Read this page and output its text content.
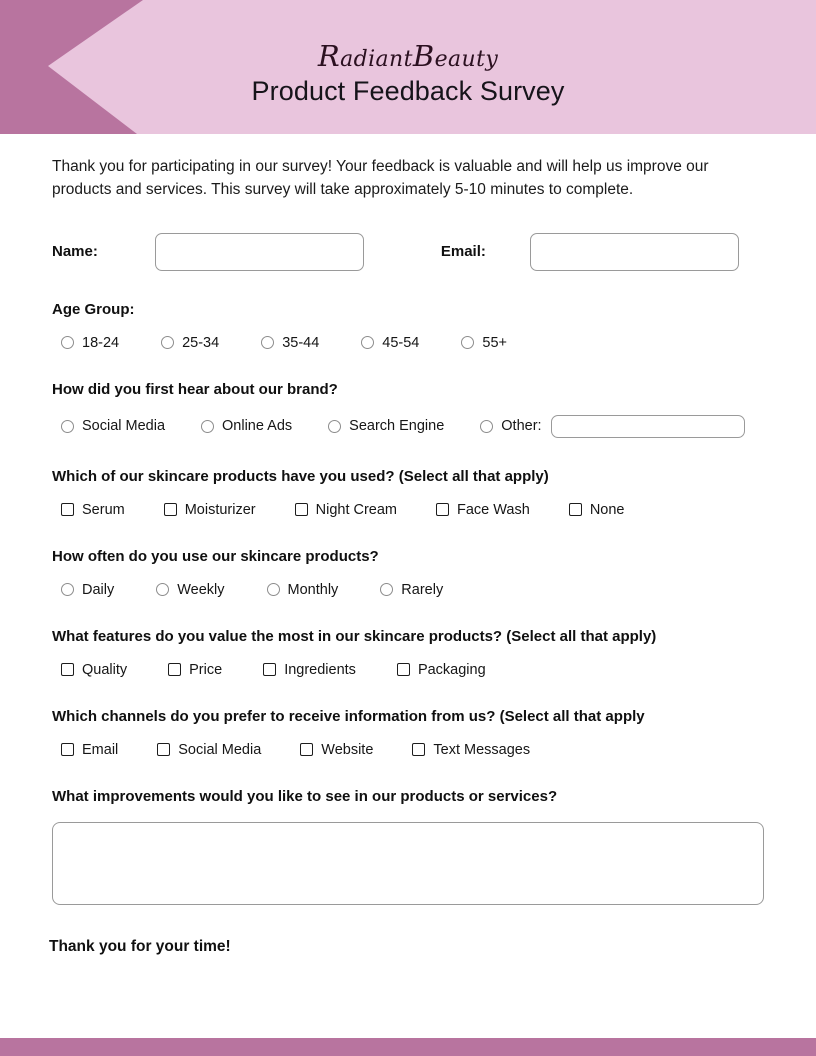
RadiantBeauty
Product Feedback Survey

Thank you for participating in our survey! Your feedback is valuable and will help us improve our products and services. This survey will take approximately 5-10 minutes to complete.

Name:	Email:
Age Group:
18-24	25-34	35-44	45-54	55+
How did you first hear about our brand?
Social Media	Online Ads	Search Engine	Other:
Which of our skincare products have you used? (Select all that apply)
Serum	Moisturizer	Night Cream	Face Wash	None
How often do you use our skincare products?
Daily	Weekly	Monthly	Rarely
What features do you value the most in our skincare products? (Select all that apply)
Quality	Price	Ingredients	Packaging
Which channels do you prefer to receive information from us? (Select all that apply
Email	Social Media	Website	Text Messages
What improvements would you like to see in our products or services?
Thank you for your time!
